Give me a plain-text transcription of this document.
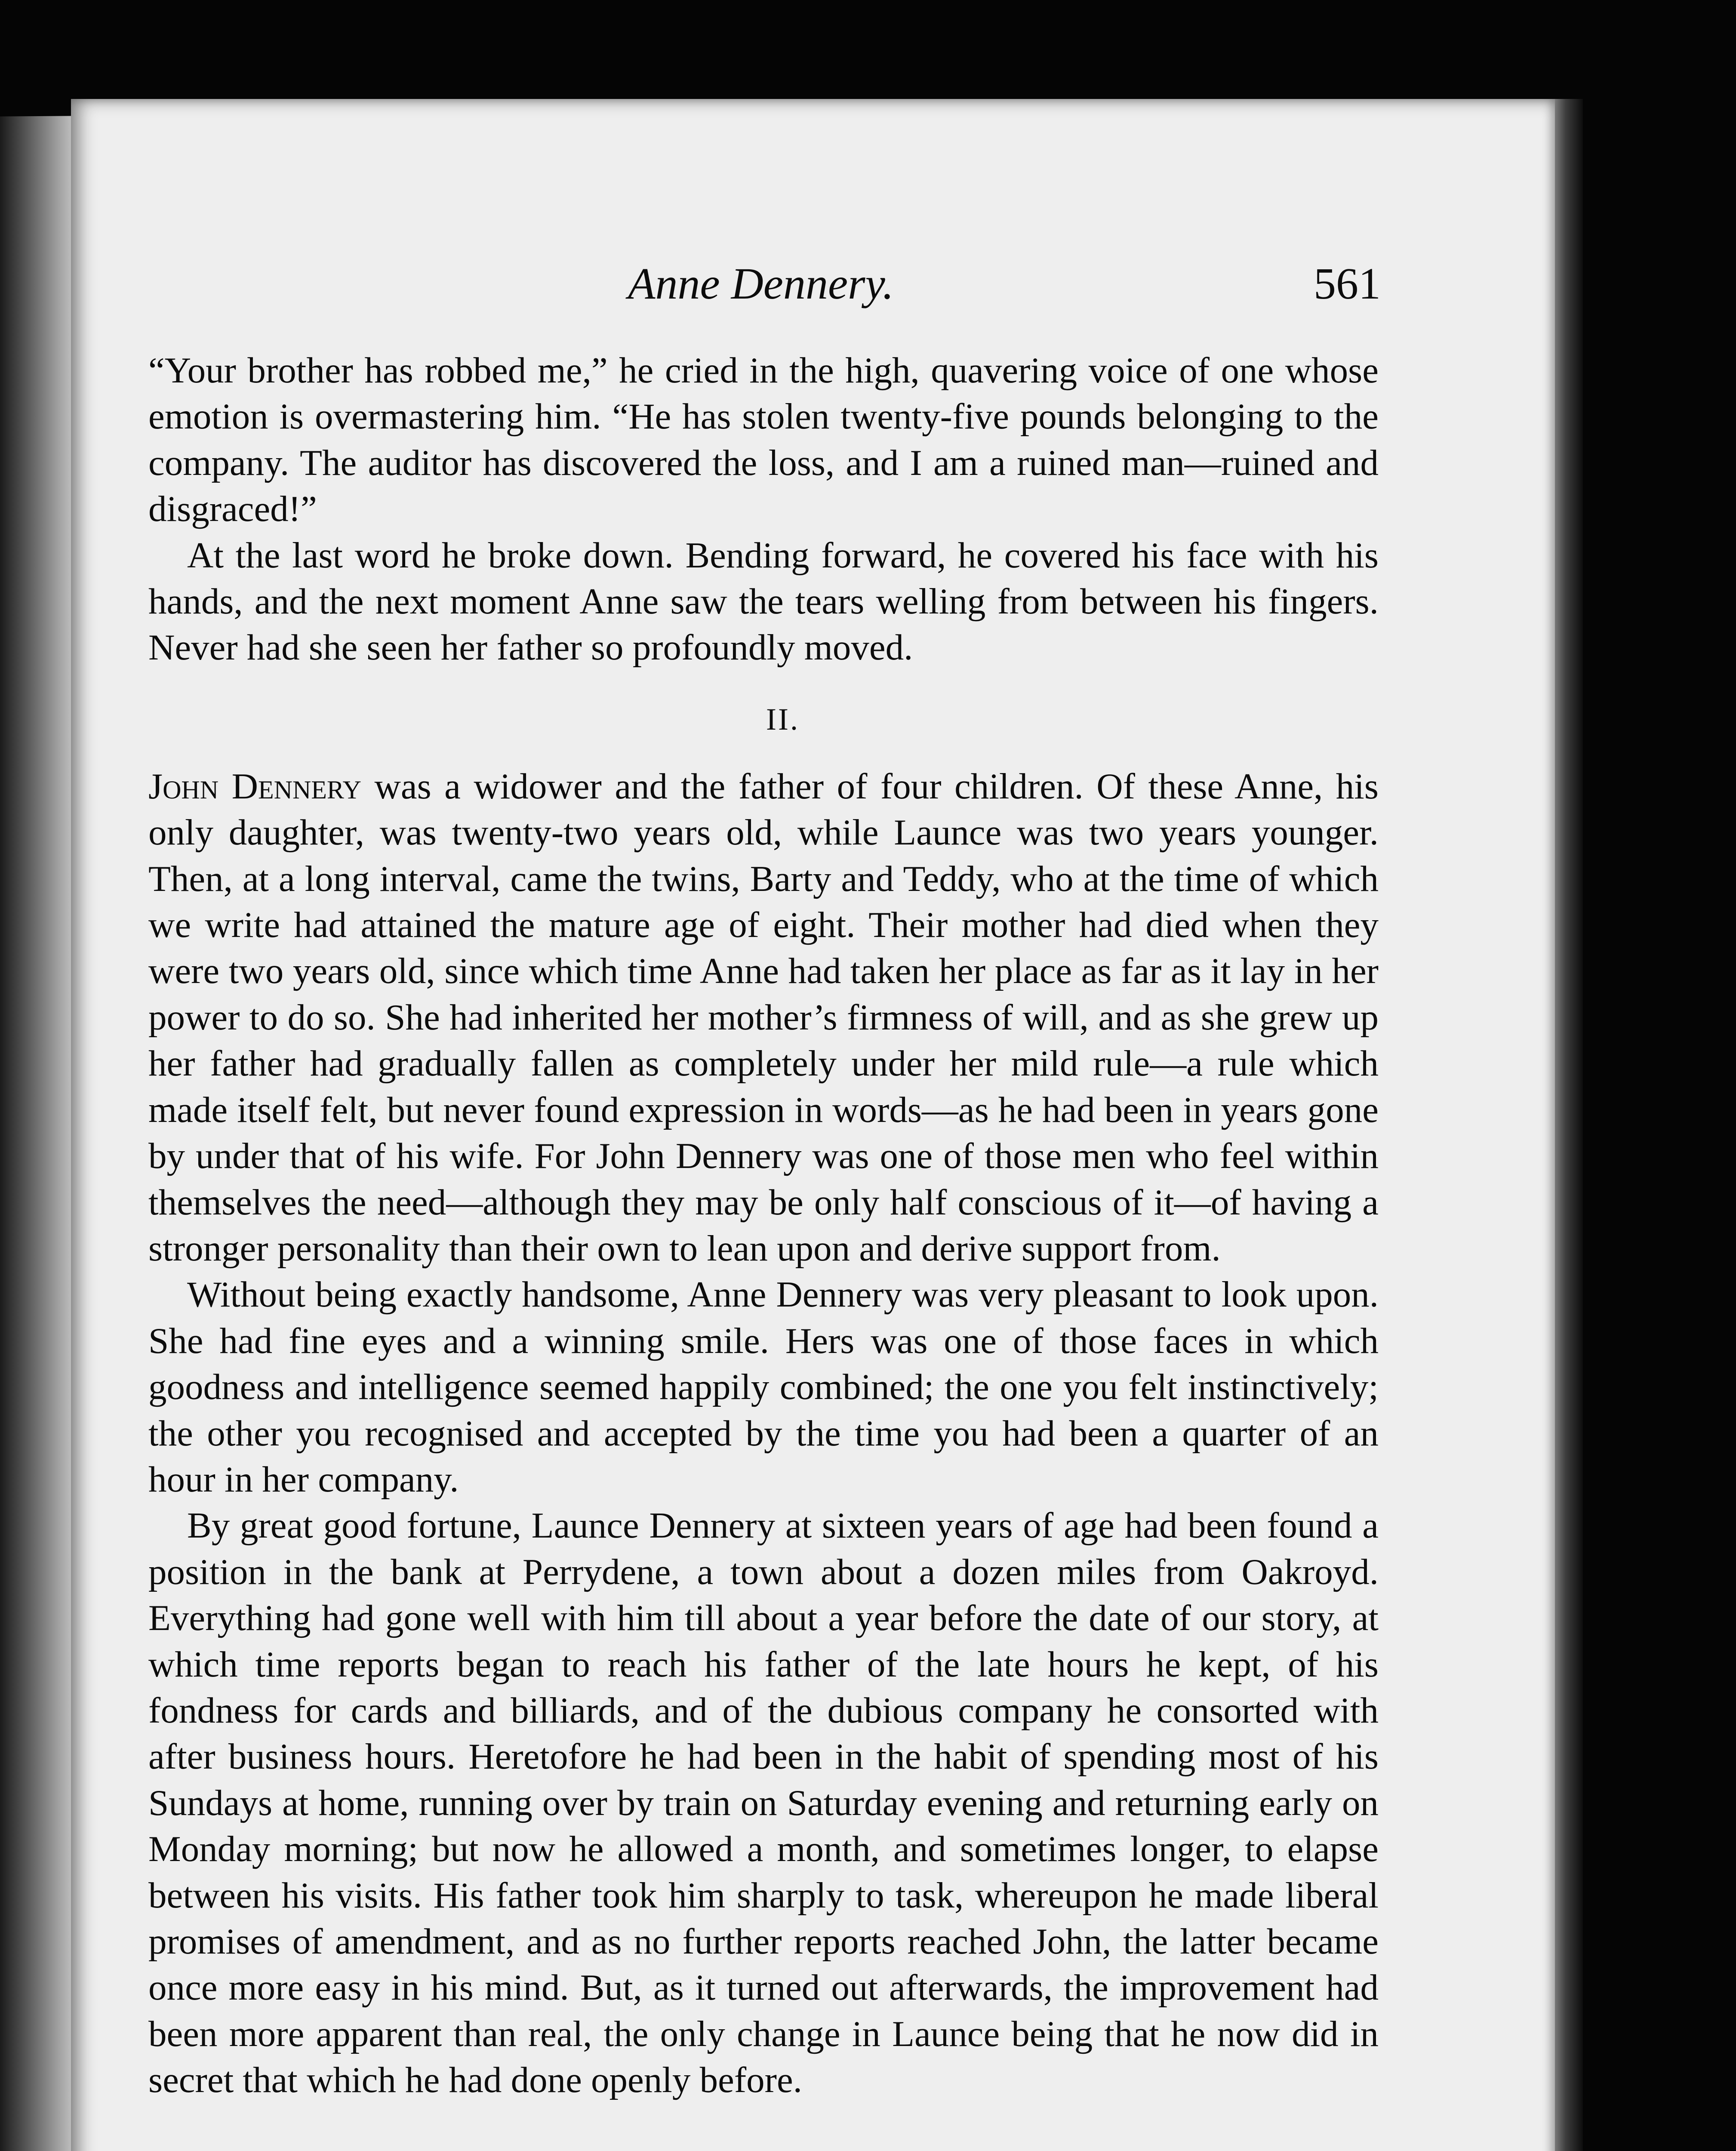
Anne Dennery.	561

“Your brother has robbed me,” he cried in the high, quavering voice of one whose emotion is overmastering him. “He has stolen twenty-five pounds belonging to the company. The auditor has discovered the loss, and I am a ruined man—ruined and disgraced!”

At the last word he broke down. Bending forward, he covered his face with his hands, and the next moment Anne saw the tears welling from between his fingers. Never had she seen her father so profoundly moved.

II.

John Dennery was a widower and the father of four children. Of these Anne, his only daughter, was twenty-two years old, while Launce was two years younger. Then, at a long interval, came the twins, Barty and Teddy, who at the time of which we write had attained the mature age of eight. Their mother had died when they were two years old, since which time Anne had taken her place as far as it lay in her power to do so. She had inherited her mother’s firmness of will, and as she grew up her father had gradually fallen as completely under her mild rule—a rule which made itself felt, but never found expression in words—as he had been in years gone by under that of his wife. For John Dennery was one of those men who feel within themselves the need—although they may be only half conscious of it—of having a stronger personality than their own to lean upon and derive support from.

Without being exactly handsome, Anne Dennery was very pleasant to look upon. She had fine eyes and a winning smile. Hers was one of those faces in which goodness and intelligence seemed happily combined; the one you felt instinctively; the other you recognised and accepted by the time you had been a quarter of an hour in her company.

By great good fortune, Launce Dennery at sixteen years of age had been found a position in the bank at Perrydene, a town about a dozen miles from Oakroyd. Everything had gone well with him till about a year before the date of our story, at which time reports began to reach his father of the late hours he kept, of his fondness for cards and billiards, and of the dubious company he consorted with after business hours. Heretofore he had been in the habit of spending most of his Sundays at home, running over by train on Saturday evening and returning early on Monday morning; but now he allowed a month, and sometimes longer, to elapse between his visits. His father took him sharply to task, whereupon he made liberal promises of amendment, and as no further reports reached John, the latter became once more easy in his mind. But, as it turned out afterwards, the improvement had been more apparent than real, the only change in Launce being that he now did in secret that which he had done openly before.
